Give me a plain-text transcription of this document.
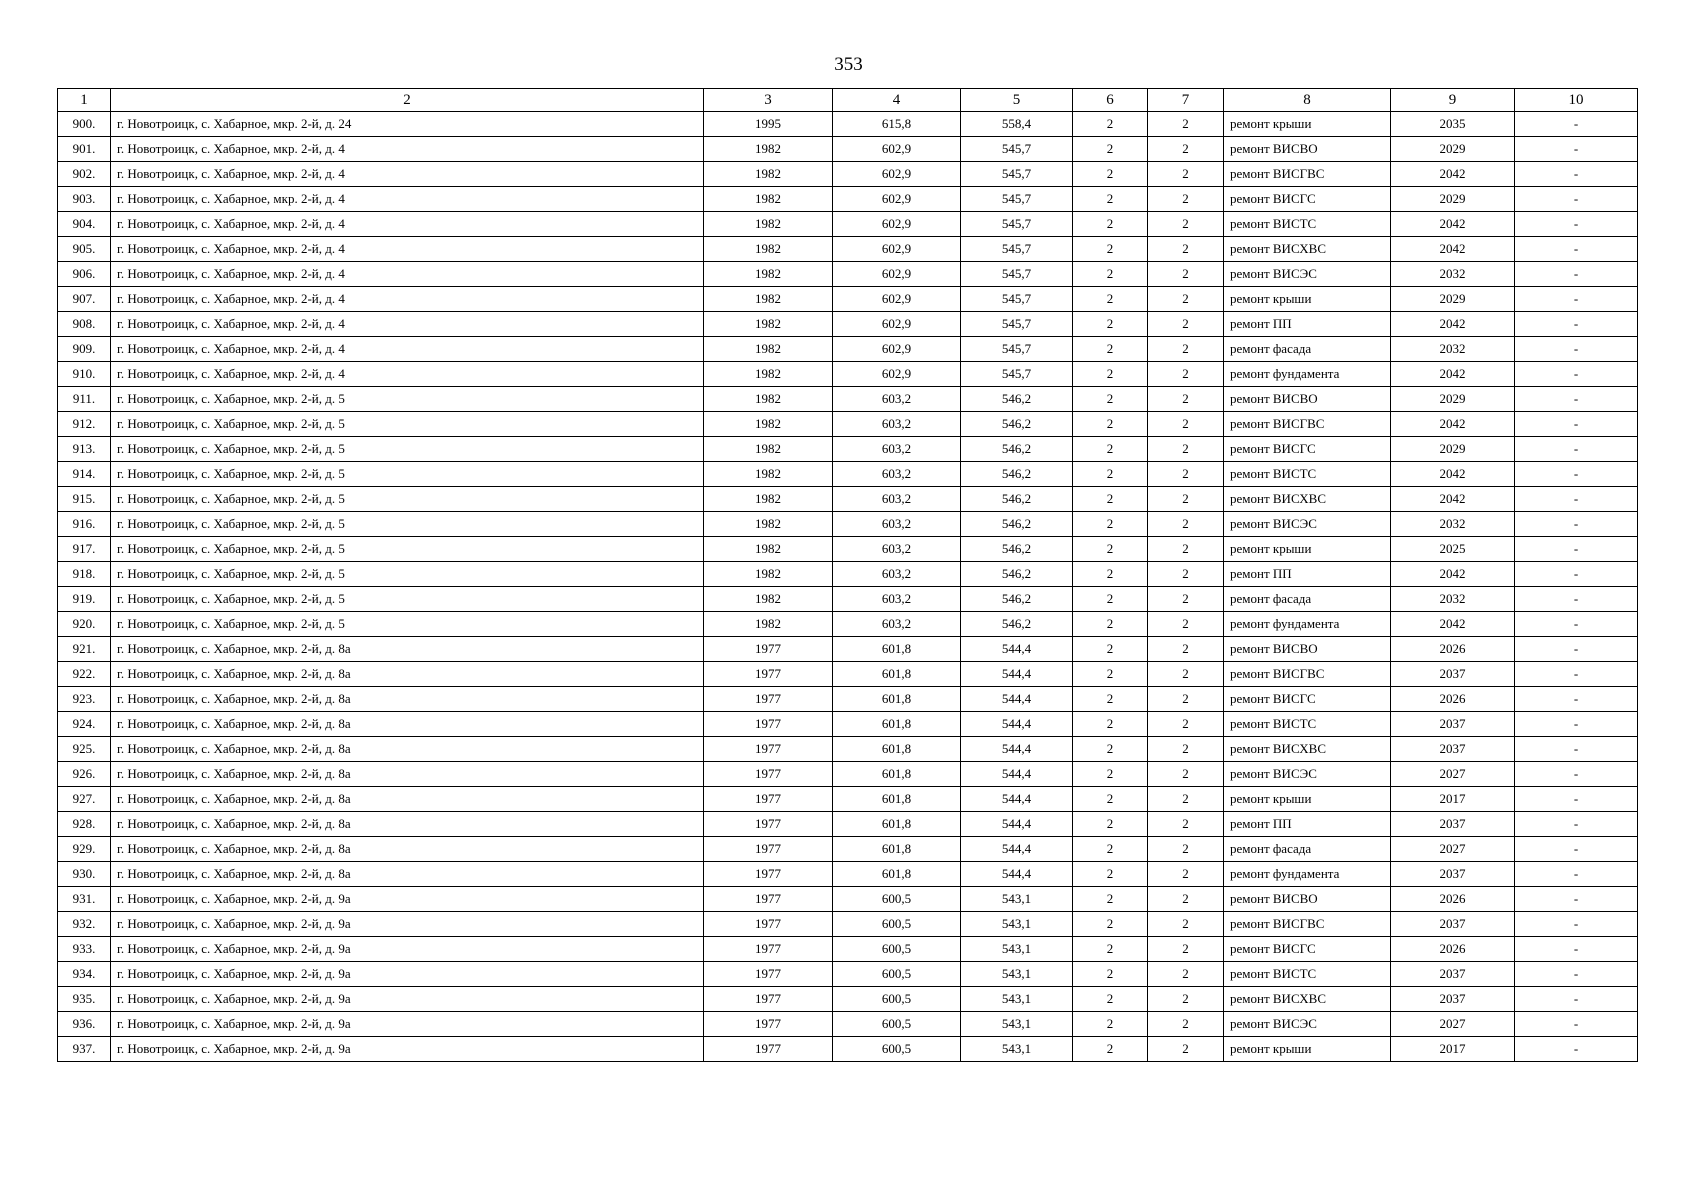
353
1	2	3	4	5	6	7	8	9	10
900.	г. Новотроицк, с. Хабарное, мкр. 2-й, д. 24	1995	615,8	558,4	2	2	ремонт крыши	2035	-
901.	г. Новотроицк, с. Хабарное, мкр. 2-й, д. 4	1982	602,9	545,7	2	2	ремонт ВИСВО	2029	-
902.	г. Новотроицк, с. Хабарное, мкр. 2-й, д. 4	1982	602,9	545,7	2	2	ремонт ВИСГВС	2042	-
903.	г. Новотроицк, с. Хабарное, мкр. 2-й, д. 4	1982	602,9	545,7	2	2	ремонт ВИСГС	2029	-
904.	г. Новотроицк, с. Хабарное, мкр. 2-й, д. 4	1982	602,9	545,7	2	2	ремонт ВИСТС	2042	-
905.	г. Новотроицк, с. Хабарное, мкр. 2-й, д. 4	1982	602,9	545,7	2	2	ремонт ВИСХВС	2042	-
906.	г. Новотроицк, с. Хабарное, мкр. 2-й, д. 4	1982	602,9	545,7	2	2	ремонт ВИСЭС	2032	-
907.	г. Новотроицк, с. Хабарное, мкр. 2-й, д. 4	1982	602,9	545,7	2	2	ремонт крыши	2029	-
908.	г. Новотроицк, с. Хабарное, мкр. 2-й, д. 4	1982	602,9	545,7	2	2	ремонт ПП	2042	-
909.	г. Новотроицк, с. Хабарное, мкр. 2-й, д. 4	1982	602,9	545,7	2	2	ремонт фасада	2032	-
910.	г. Новотроицк, с. Хабарное, мкр. 2-й, д. 4	1982	602,9	545,7	2	2	ремонт фундамента	2042	-
911.	г. Новотроицк, с. Хабарное, мкр. 2-й, д. 5	1982	603,2	546,2	2	2	ремонт ВИСВО	2029	-
912.	г. Новотроицк, с. Хабарное, мкр. 2-й, д. 5	1982	603,2	546,2	2	2	ремонт ВИСГВС	2042	-
913.	г. Новотроицк, с. Хабарное, мкр. 2-й, д. 5	1982	603,2	546,2	2	2	ремонт ВИСГС	2029	-
914.	г. Новотроицк, с. Хабарное, мкр. 2-й, д. 5	1982	603,2	546,2	2	2	ремонт ВИСТС	2042	-
915.	г. Новотроицк, с. Хабарное, мкр. 2-й, д. 5	1982	603,2	546,2	2	2	ремонт ВИСХВС	2042	-
916.	г. Новотроицк, с. Хабарное, мкр. 2-й, д. 5	1982	603,2	546,2	2	2	ремонт ВИСЭС	2032	-
917.	г. Новотроицк, с. Хабарное, мкр. 2-й, д. 5	1982	603,2	546,2	2	2	ремонт крыши	2025	-
918.	г. Новотроицк, с. Хабарное, мкр. 2-й, д. 5	1982	603,2	546,2	2	2	ремонт ПП	2042	-
919.	г. Новотроицк, с. Хабарное, мкр. 2-й, д. 5	1982	603,2	546,2	2	2	ремонт фасада	2032	-
920.	г. Новотроицк, с. Хабарное, мкр. 2-й, д. 5	1982	603,2	546,2	2	2	ремонт фундамента	2042	-
921.	г. Новотроицк, с. Хабарное, мкр. 2-й, д. 8а	1977	601,8	544,4	2	2	ремонт ВИСВО	2026	-
922.	г. Новотроицк, с. Хабарное, мкр. 2-й, д. 8а	1977	601,8	544,4	2	2	ремонт ВИСГВС	2037	-
923.	г. Новотроицк, с. Хабарное, мкр. 2-й, д. 8а	1977	601,8	544,4	2	2	ремонт ВИСГС	2026	-
924.	г. Новотроицк, с. Хабарное, мкр. 2-й, д. 8а	1977	601,8	544,4	2	2	ремонт ВИСТС	2037	-
925.	г. Новотроицк, с. Хабарное, мкр. 2-й, д. 8а	1977	601,8	544,4	2	2	ремонт ВИСХВС	2037	-
926.	г. Новотроицк, с. Хабарное, мкр. 2-й, д. 8а	1977	601,8	544,4	2	2	ремонт ВИСЭС	2027	-
927.	г. Новотроицк, с. Хабарное, мкр. 2-й, д. 8а	1977	601,8	544,4	2	2	ремонт крыши	2017	-
928.	г. Новотроицк, с. Хабарное, мкр. 2-й, д. 8а	1977	601,8	544,4	2	2	ремонт ПП	2037	-
929.	г. Новотроицк, с. Хабарное, мкр. 2-й, д. 8а	1977	601,8	544,4	2	2	ремонт фасада	2027	-
930.	г. Новотроицк, с. Хабарное, мкр. 2-й, д. 8а	1977	601,8	544,4	2	2	ремонт фундамента	2037	-
931.	г. Новотроицк, с. Хабарное, мкр. 2-й, д. 9а	1977	600,5	543,1	2	2	ремонт ВИСВО	2026	-
932.	г. Новотроицк, с. Хабарное, мкр. 2-й, д. 9а	1977	600,5	543,1	2	2	ремонт ВИСГВС	2037	-
933.	г. Новотроицк, с. Хабарное, мкр. 2-й, д. 9а	1977	600,5	543,1	2	2	ремонт ВИСГС	2026	-
934.	г. Новотроицк, с. Хабарное, мкр. 2-й, д. 9а	1977	600,5	543,1	2	2	ремонт ВИСТС	2037	-
935.	г. Новотроицк, с. Хабарное, мкр. 2-й, д. 9а	1977	600,5	543,1	2	2	ремонт ВИСХВС	2037	-
936.	г. Новотроицк, с. Хабарное, мкр. 2-й, д. 9а	1977	600,5	543,1	2	2	ремонт ВИСЭС	2027	-
937.	г. Новотроицк, с. Хабарное, мкр. 2-й, д. 9а	1977	600,5	543,1	2	2	ремонт крыши	2017	-
